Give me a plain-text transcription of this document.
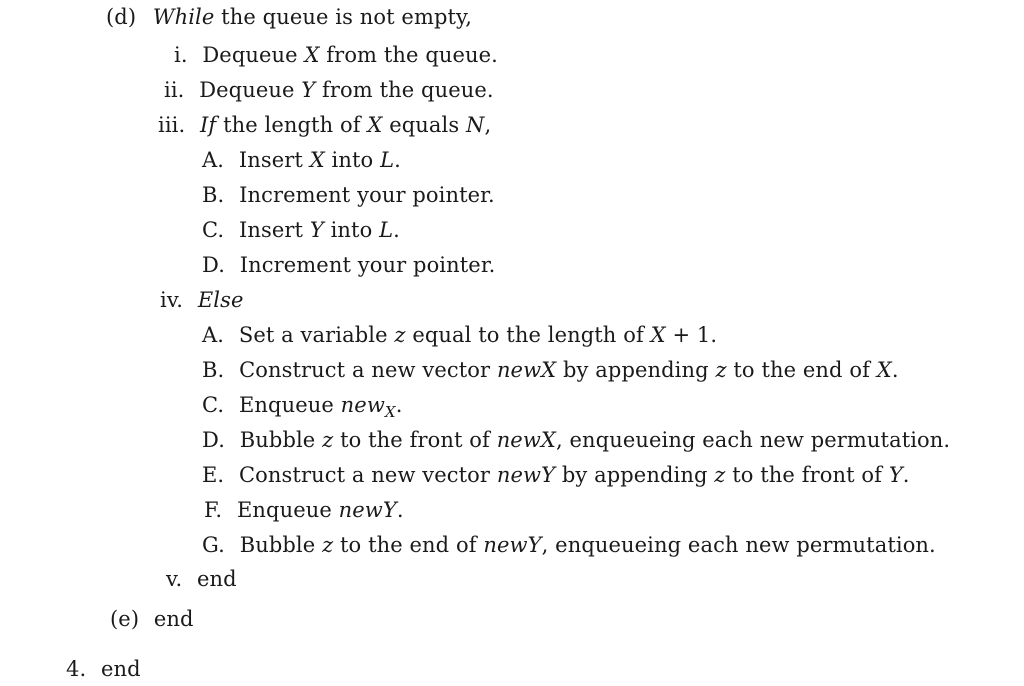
(d) While the queue is not empty,
i. Dequeue X from the queue.
ii. Dequeue Y from the queue.
iii. If the length of X equals N,
A. Insert X into L.
B. Increment your pointer.
C. Insert Y into L.
D. Increment your pointer.
iv. Else
A. Set a variable z equal to the length of X + 1.
B. Construct a new vector newX by appending z to the end of X.
C. Enqueue new$_X$.
D. Bubble z to the front of newX, enqueueing each new permutation.
E. Construct a new vector newY by appending z to the front of Y.
F. Enqueue newY.
G. Bubble z to the end of newY, enqueueing each new permutation.
v. end
(e) end
4. end
